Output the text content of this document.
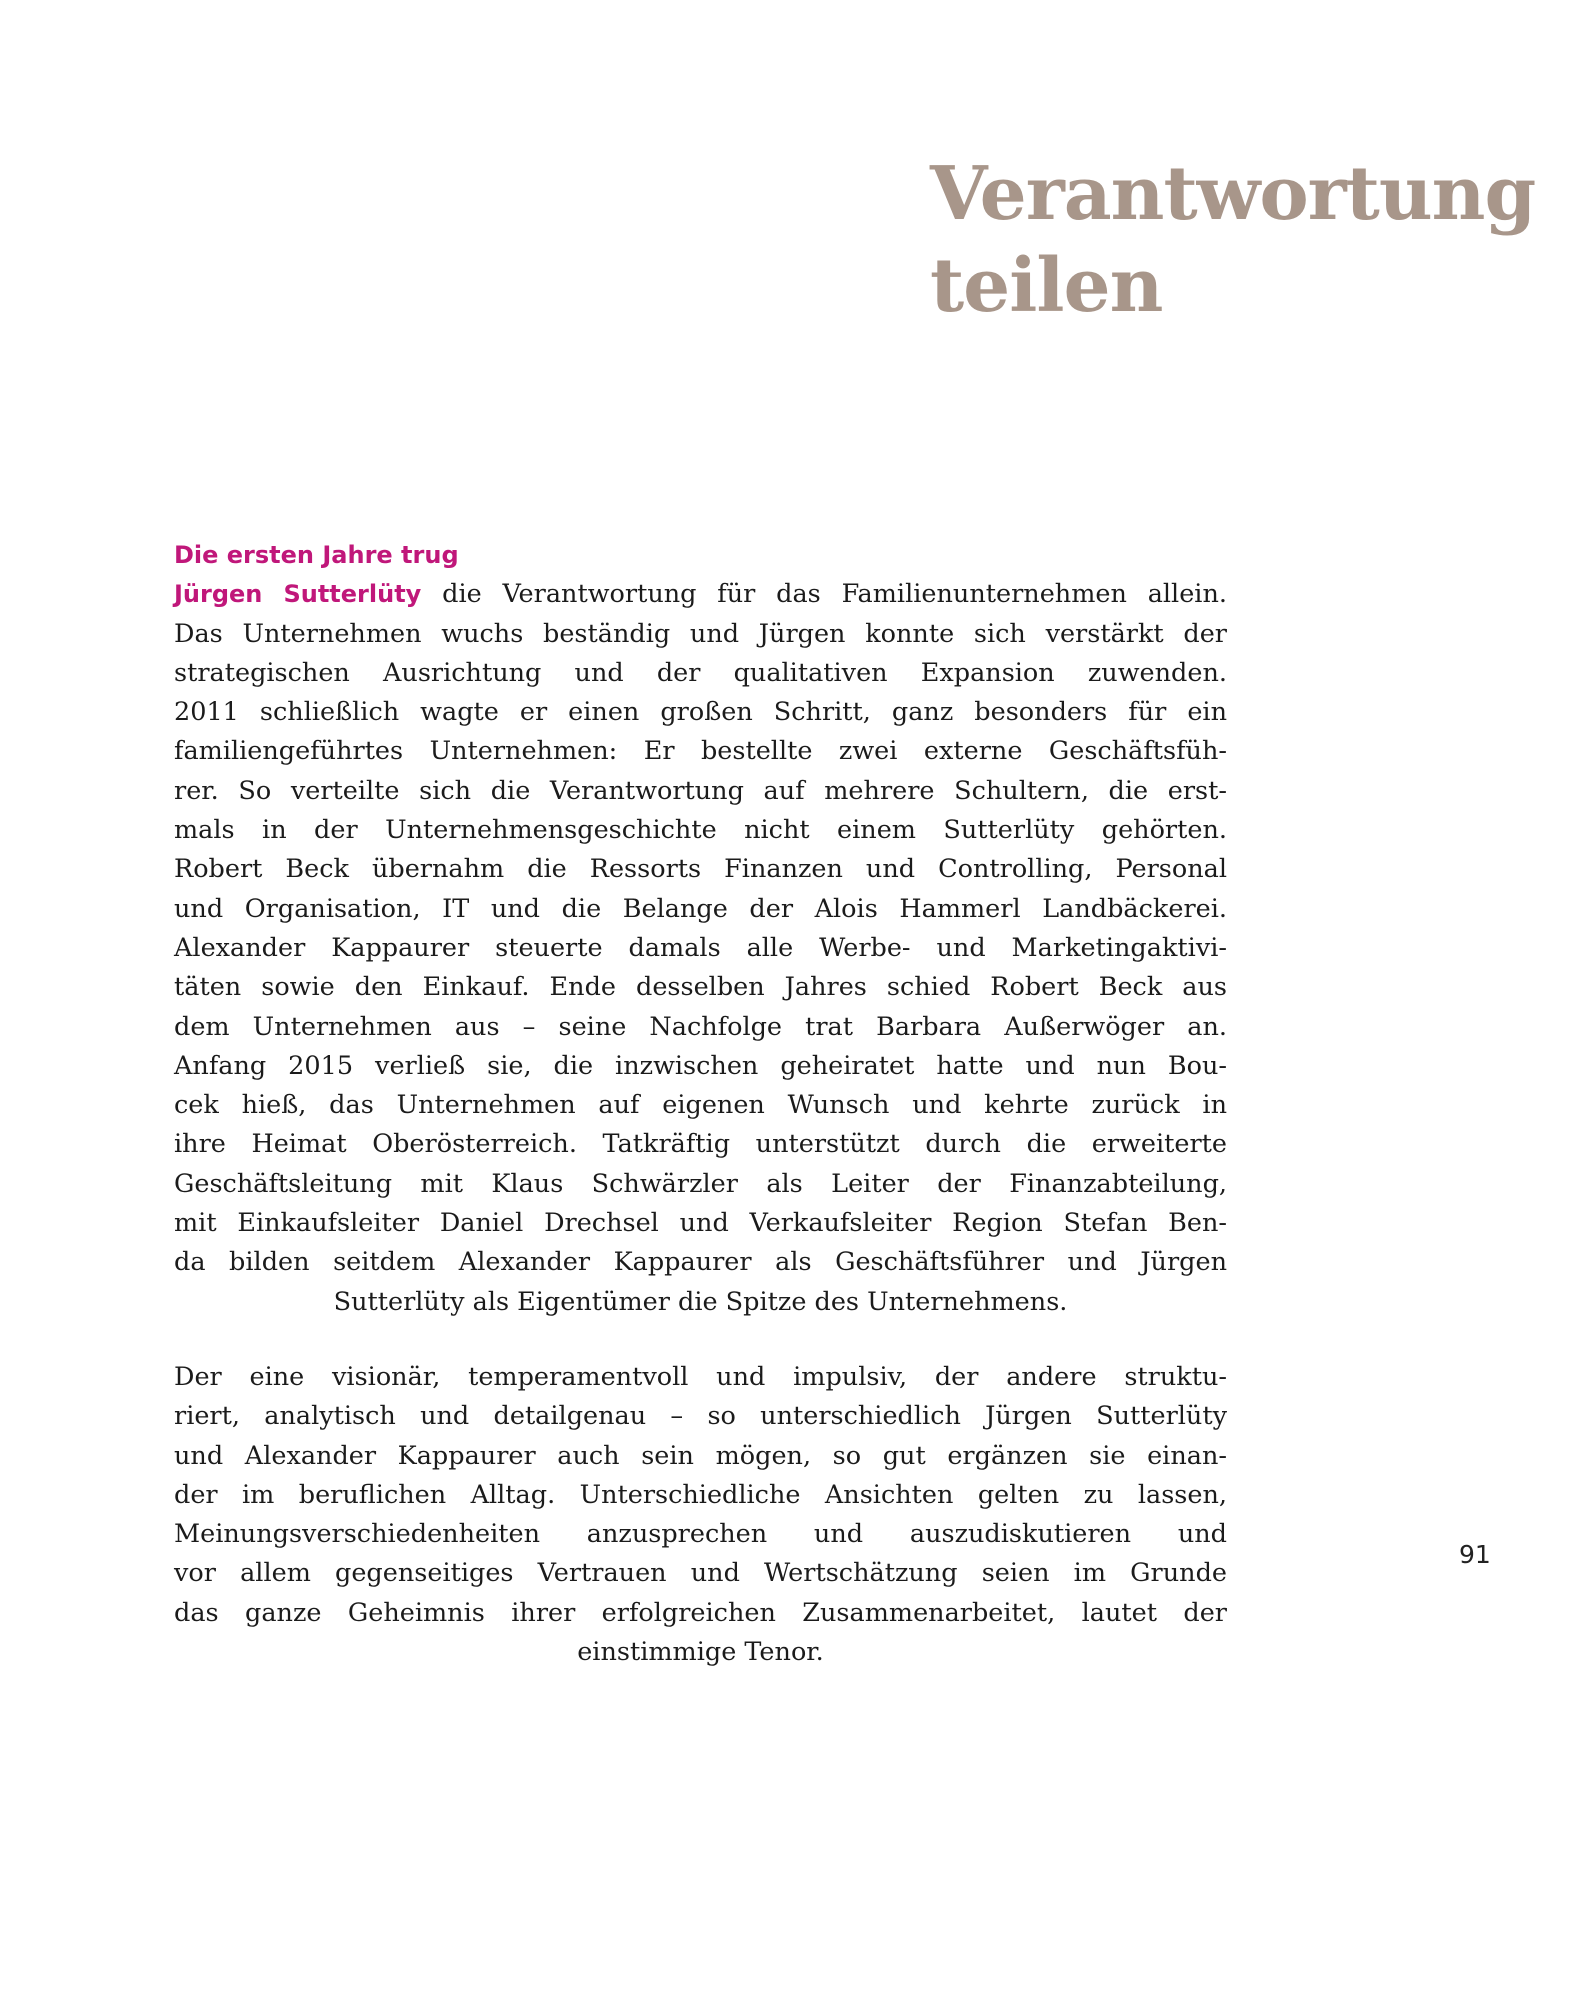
Verantwortung
teilen
Die ersten Jahre trug
Jürgen Sutterlüty die Verantwortung für das Familienunternehmen allein.
Das Unternehmen wuchs beständig und Jürgen konnte sich verstärkt der
strategischen Ausrichtung und der qualitativen Expansion zuwenden.
2011 schließlich wagte er einen großen Schritt, ganz besonders für ein
familiengeführtes Unternehmen: Er bestellte zwei externe Geschäftsfüh-
rer. So verteilte sich die Verantwortung auf mehrere Schultern, die erst-
mals in der Unternehmensgeschichte nicht einem Sutterlüty gehörten.
Robert Beck übernahm die Ressorts Finanzen und Controlling, Personal
und Organisation, IT und die Belange der Alois Hammerl Landbäckerei.
Alexander Kappaurer steuerte damals alle Werbe- und Marketingaktivi-
täten sowie den Einkauf. Ende desselben Jahres schied Robert Beck aus
dem Unternehmen aus – seine Nachfolge trat Barbara Außerwöger an.
Anfang 2015 verließ sie, die inzwischen geheiratet hatte und nun Bou-
cek hieß, das Unternehmen auf eigenen Wunsch und kehrte zurück in
ihre Heimat Oberösterreich. Tatkräftig unterstützt durch die erweiterte
Geschäftsleitung mit Klaus Schwärzler als Leiter der Finanzabteilung,
mit Einkaufsleiter Daniel Drechsel und Verkaufsleiter Region Stefan Ben-
da bilden seitdem Alexander Kappaurer als Geschäftsführer und Jürgen
Sutterlüty als Eigentümer die Spitze des Unternehmens.
Der eine visionär, temperamentvoll und impulsiv, der andere struktu-
riert, analytisch und detailgenau – so unterschiedlich Jürgen Sutterlüty
und Alexander Kappaurer auch sein mögen, so gut ergänzen sie einan-
der im beruflichen Alltag. Unterschiedliche Ansichten gelten zu lassen,
Meinungsverschiedenheiten anzusprechen und auszudiskutieren und
vor allem gegenseitiges Vertrauen und Wertschätzung seien im Grunde
das ganze Geheimnis ihrer erfolgreichen Zusammenarbeitet, lautet der
einstimmige Tenor.
91
